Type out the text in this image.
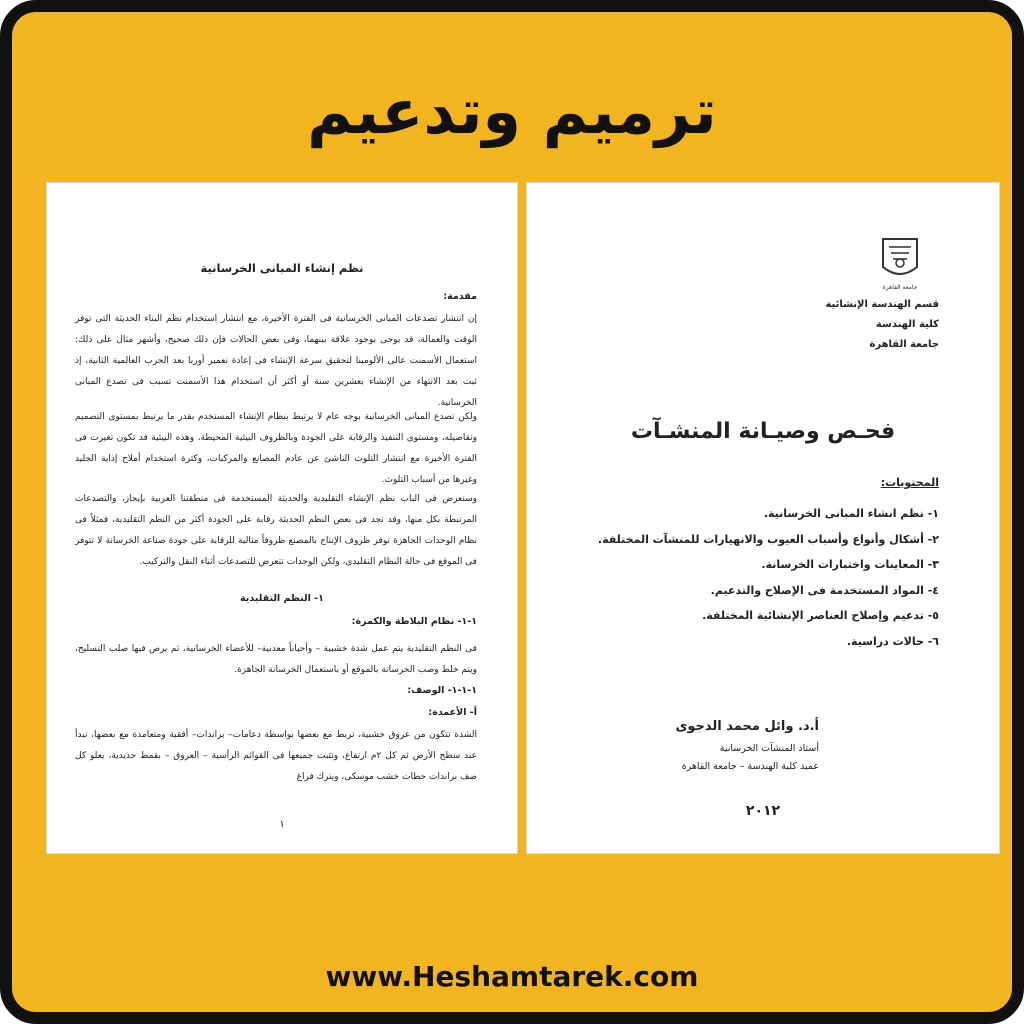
ترميم وتدعيم
نظم إنشاء المبانى الخرسانية
مقدمة:
إن انتشار تصدعات المبانى الخرسانية فى الفترة الأخيرة، مع انتشار استخدام نظم البناء الحديثة التى توفر الوقت والعمالة، قد يوحى بوجود علاقة بينهما، وفى بعض الحالات فإن ذلك صحيح، وأشهر مثال على ذلك: استعمال الأسمنت عالى الألومينا لتحقيق سرعة الإنشاء فى إعادة تعمير أوربا بعد الحرب العالمية الثانية، إذ ثبت بعد الانتهاء من الإنشاء بعشرين سنة أو أكثر أن استخدام هذا الأسمنت تسبب فى تصدع المبانى الخرسانية.
ولكن تصدع المبانى الخرسانية بوجه عام لا يرتبط بنظام الإنشاء المستخدم بقدر ما يرتبط بمستوى التصميم وتفاصيله، ومستوى التنفيذ والرقابة على الجودة وبالظروف البيئية المحيطة، وهذه البيئية قد تكون تغيرت فى الفترة الأخيرة مع انتشار التلوث الناشئ عن عادم المصانع والمركبات، وكثرة استخدام أملاح إذابة الجليد وغيرها من أسباب التلوث.
وسنعرض فى الباب نظم الإنشاء التقليدية والحديثة المستخدمة فى منطقتنا العربية بإيجاز، والتصدعات المرتبطة بكل منها، وقد نجد فى بعض النظم الحديثة رقابة على الجودة أكثر من النظم التقليدية، فمثلاً فى نظام الوحدات الجاهزة توفر ظروف الإنتاج بالمصنع ظروفاً مثالية للرقابة على جودة صناعة الخرسانة لا تتوفر فى الموقع فى حالة النظام التقليدى، ولكن الوحدات تتعرض للتصدعات أثناء النقل والتركيب.
١- النظم التقليدية
١-١- نظام البلاطة والكمرة:
فى النظم التقليدية يتم عمل شدة خشبية – وأحياناً معدنية– للأعضاء الخرسانية، ثم يرص فيها صلب التسليح، ويتم خلط وصب الخرسانة بالموقع أو باستعمال الخرسانة الجاهزة.
١-١-١- الوصف:
أ- الأعمدة:
الشدة تتكون من عروق خشبية، تربط مع بعضها بواسطة دعامات– براندات– أفقية ومتعامدة مع بعضها، تبدأ عند سطح الأرض ثم كل ٢م ارتفاع، وتثبت جميعها فى القوائم الرأسية – العروق – بقمط حديدية، يعلو كل صف براندات حطات خشب موسكى، ويترك فراغ
١
جامعة القاهرة
قسم الهندسة الإنشائية
كلية الهندسة
جامعة القاهرة
فحـص وصيـانة المنشـآت
المحتويات:
١- نظم انشاء المبانى الخرسانية.
٢- أشكال وأنواع وأسباب العيوب والانهيارات للمنشآت المختلفة.
٣- المعاينات واختبارات الخرسانة.
٤- المواد المستخدمة فى الإصلاح والتدعيم.
٥- تدعيم وإصلاح العناصر الإنشائية المختلفة.
٦- حالات دراسية.
أ.د. وائل محمد الدجوى
أستاذ المنشآت الخرسانية
عميد كلية الهندسة – جامعة القاهرة
٢٠١٢
www.Heshamtarek.com
